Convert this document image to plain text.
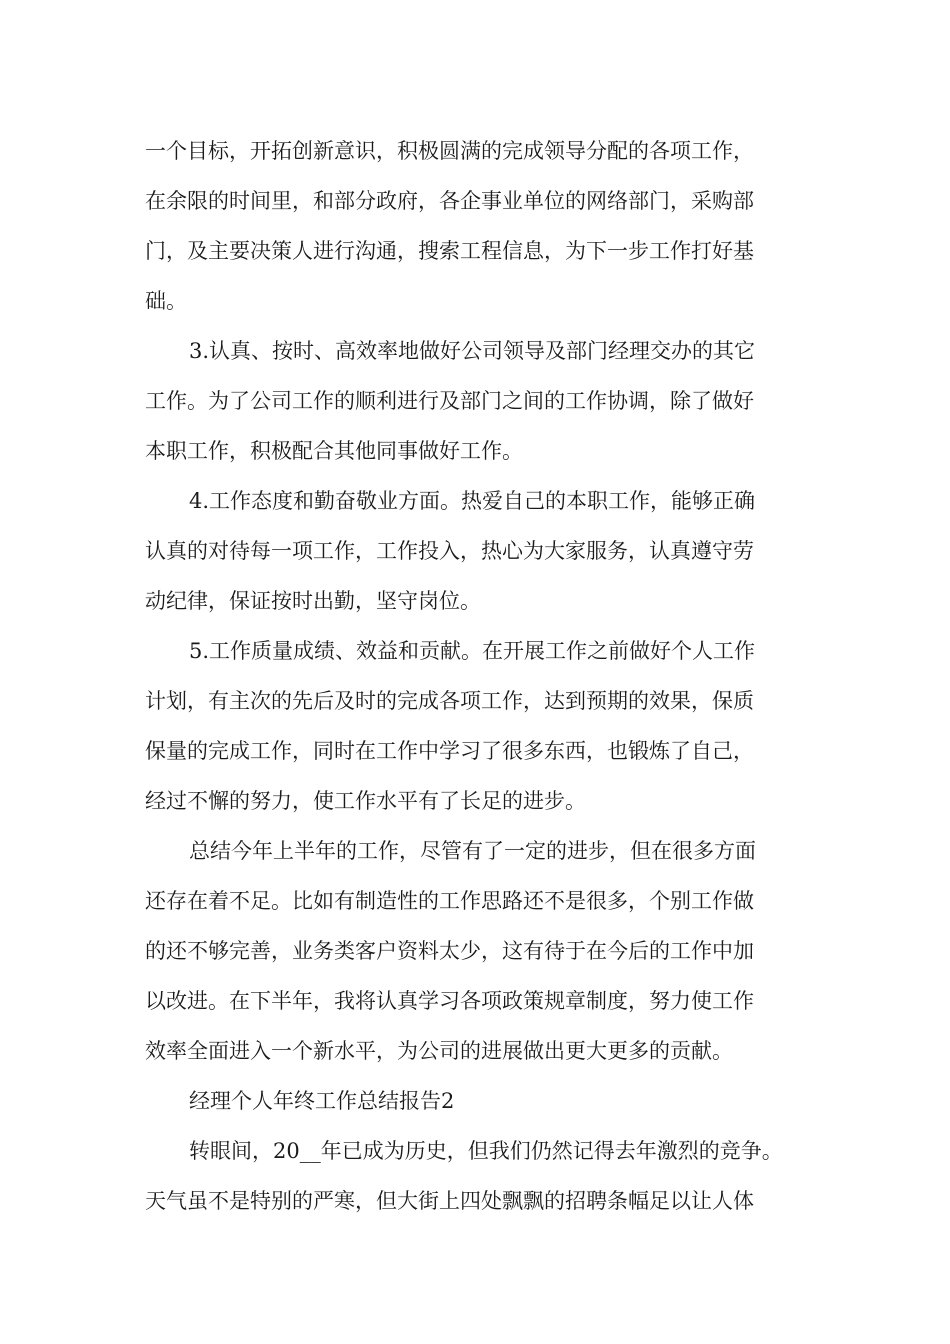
一个目标，开拓创新意识，积极圆满的完成领导分配的各项工作，
在余限的时间里，和部分政府，各企事业单位的网络部门，采购部
门，及主要决策人进行沟通，搜索工程信息，为下一步工作打好基
础。
3.认真、按时、高效率地做好公司领导及部门经理交办的其它
工作。为了公司工作的顺利进行及部门之间的工作协调，除了做好
本职工作，积极配合其他同事做好工作。
4.工作态度和勤奋敬业方面。热爱自己的本职工作，能够正确
认真的对待每一项工作，工作投入，热心为大家服务，认真遵守劳
动纪律，保证按时出勤，坚守岗位。
5.工作质量成绩、效益和贡献。在开展工作之前做好个人工作
计划，有主次的先后及时的完成各项工作，达到预期的效果，保质
保量的完成工作，同时在工作中学习了很多东西，也锻炼了自己，
经过不懈的努力，使工作水平有了长足的进步。
总结今年上半年的工作，尽管有了一定的进步，但在很多方面
还存在着不足。比如有制造性的工作思路还不是很多，个别工作做
的还不够完善，业务类客户资料太少，这有待于在今后的工作中加
以改进。在下半年，我将认真学习各项政策规章制度，努力使工作
效率全面进入一个新水平，为公司的进展做出更大更多的贡献。
经理个人年终工作总结报告2
转眼间，20__年已成为历史，但我们仍然记得去年激烈的竞争。
天气虽不是特别的严寒，但大街上四处飘飘的招聘条幅足以让人体
